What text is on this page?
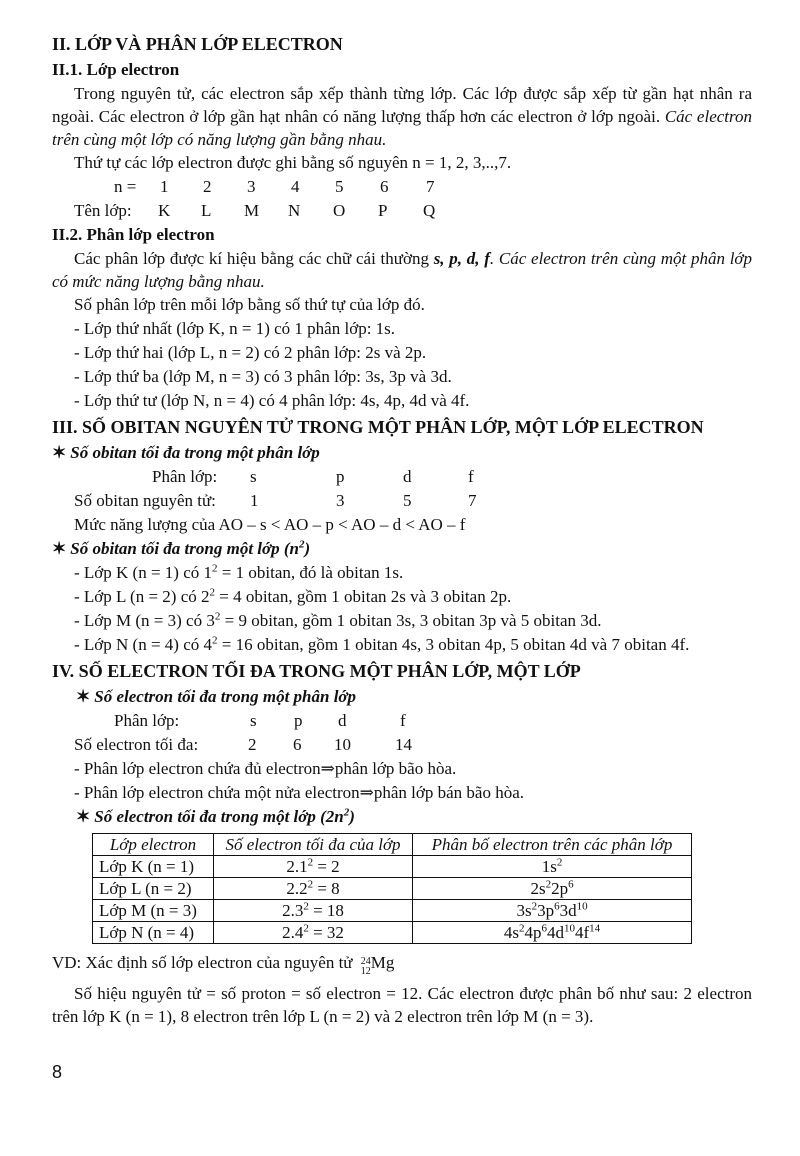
II. LỚP VÀ PHÂN LỚP ELECTRON
II.1. Lớp electron
Trong nguyên tử, các electron sắp xếp thành từng lớp. Các lớp được sắp xếp từ gần hạt nhân ra ngoài. Các electron ở lớp gần hạt nhân có năng lượng thấp hơn các electron ở lớp ngoài. Các electron trên cùng một lớp có năng lượng gần bằng nhau.
Thứ tự các lớp electron được ghi bằng số nguyên n = 1, 2, 3,..,7.
n = 1 2 3 4 5 6 7
Tên lớp: K L M N O P Q
II.2. Phân lớp electron
Các phân lớp được kí hiệu bằng các chữ cái thường s, p, d, f. Các electron trên cùng một phân lớp có mức năng lượng bằng nhau.
Số phân lớp trên mỗi lớp bằng số thứ tự của lớp đó.
- Lớp thứ nhất (lớp K, n = 1) có 1 phân lớp: 1s.
- Lớp thứ hai (lớp L, n = 2) có 2 phân lớp: 2s và 2p.
- Lớp thứ ba (lớp M, n = 3) có 3 phân lớp: 3s, 3p và 3d.
- Lớp thứ tư (lớp N, n = 4) có 4 phân lớp: 4s, 4p, 4d và 4f.
III. SỐ OBITAN NGUYÊN TỬ TRONG MỘT PHÂN LỚP, MỘT LỚP ELECTRON
✶ Số obitan tối đa trong một phân lớp
Phân lớp: s	p	d	f
Số obitan nguyên tử: 1	3	5	7
Mức năng lượng của AO – s < AO – p < AO – d < AO – f
✶ Số obitan tối đa trong một lớp $(n^2)$
- Lớp K (n = 1) có $1^2 = 1$ obitan, đó là obitan 1s.
- Lớp L (n = 2) có $2^2 = 4$ obitan, gồm 1 obitan 2s và 3 obitan 2p.
- Lớp M (n = 3) có $3^2 = 9$ obitan, gồm 1 obitan 3s, 3 obitan 3p và 5 obitan 3d.
- Lớp N (n = 4) có $4^2 = 16$ obitan, gồm 1 obitan 4s, 3 obitan 4p, 5 obitan 4d và 7 obitan 4f.
IV. SỐ ELECTRON TỐI ĐA TRONG MỘT PHÂN LỚP, MỘT LỚP
✶ Số electron tối đa trong một phân lớp
Phân lớp:	s p d	f
Số electron tối đa:	2 6 10	14
- Phân lớp electron chứa đủ electron⇒phân lớp bão hòa.
- Phân lớp electron chứa một nửa electron⇒phân lớp bán bão hòa.
✶ Số electron tối đa trong một lớp $(2n^2)$
Lớp electron	Số electron tối đa của lớp	Phân bố electron trên các phân lớp
Lớp K (n = 1)	$2.1^2 = 2$	$1s^2$
Lớp L (n = 2)	$2.2^2 = 8$	$2s^22p^6$
Lớp M (n = 3)	$2.3^2 = 18$	$3s^23p^63d^{10}$
Lớp N (n = 4)	$2.4^2 = 32$	$4s^24p^64d^{10}4f^{14}$
VD: Xác định số lớp electron của nguyên tử 24
12 Mg
Số hiệu nguyên tử = số proton = số electron = 12. Các electron được phân bố như sau: 2 electron trên lớp K (n = 1), 8 electron trên lớp L (n = 2) và 2 electron trên lớp M (n = 3).
8
